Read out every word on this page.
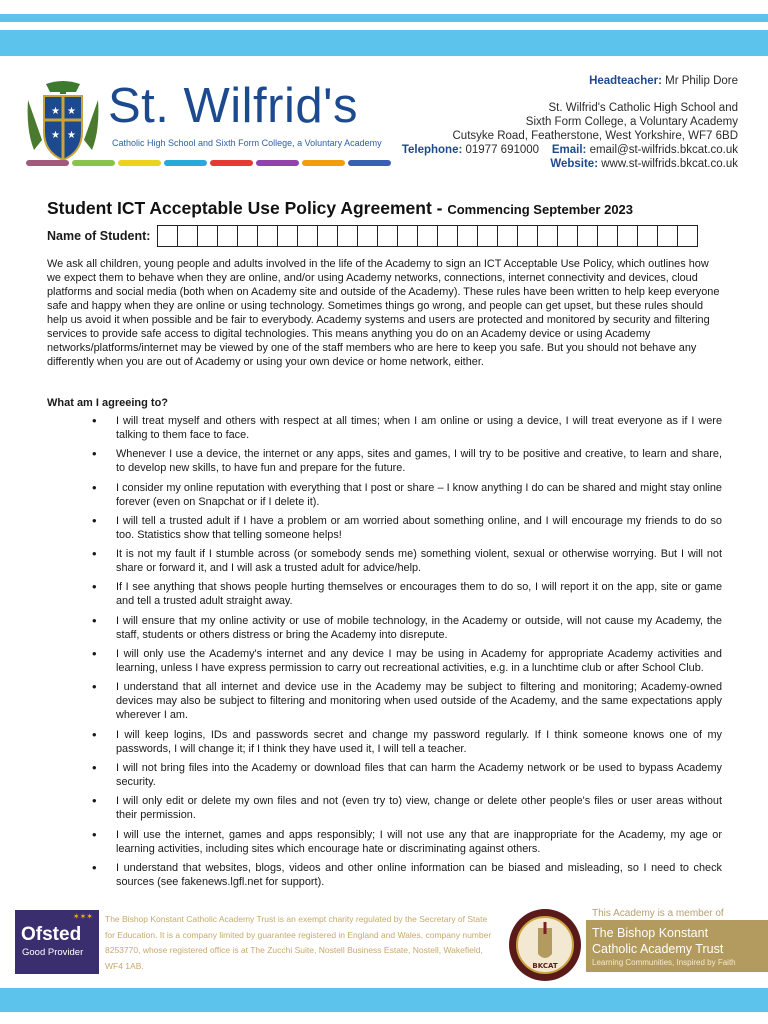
★ ★
★ ★
St. Wilfrid's
Catholic High School and Sixth Form College, a Voluntary Academy
Headteacher: Mr Philip Dore
St. Wilfrid's Catholic High School and
Sixth Form College, a Voluntary Academy
Cutsyke Road, Featherstone, West Yorkshire, WF7 6BD
Telephone: 01977 691000 Email: email@st-wilfrids.bkcat.co.uk
Website: www.st-wilfrids.bkcat.co.uk
Student ICT Acceptable Use Policy Agreement - Commencing September 2023
Name of Student:
We ask all children, young people and adults involved in the life of the Academy to sign an ICT Acceptable Use Policy, which outlines how we expect them to behave when they are online, and/or using Academy networks, connections, internet connectivity and devices, cloud platforms and social media (both when on Academy site and outside of the Academy). These rules have been written to help keep everyone safe and happy when they are online or using technology. Sometimes things go wrong, and people can get upset, but these rules should help us avoid it when possible and be fair to everybody. Academy systems and users are protected and monitored by security and filtering services to provide safe access to digital technologies. This means anything you do on an Academy device or using Academy networks/platforms/internet may be viewed by one of the staff members who are here to keep you safe. But you should not behave any differently when you are out of Academy or using your own device or home network, either.
What am I agreeing to?
• I will treat myself and others with respect at all times; when I am online or using a device, I will treat everyone as if I were talking to them face to face.
• Whenever I use a device, the internet or any apps, sites and games, I will try to be positive and creative, to learn and share, to develop new skills, to have fun and prepare for the future.
• I consider my online reputation with everything that I post or share – I know anything I do can be shared and might stay online forever (even on Snapchat or if I delete it).
• I will tell a trusted adult if I have a problem or am worried about something online, and I will encourage my friends to do so too. Statistics show that telling someone helps!
• It is not my fault if I stumble across (or somebody sends me) something violent, sexual or otherwise worrying. But I will not share or forward it, and I will ask a trusted adult for advice/help.
• If I see anything that shows people hurting themselves or encourages them to do so, I will report it on the app, site or game and tell a trusted adult straight away.
• I will ensure that my online activity or use of mobile technology, in the Academy or outside, will not cause my Academy, the staff, students or others distress or bring the Academy into disrepute.
• I will only use the Academy's internet and any device I may be using in Academy for appropriate Academy activities and learning, unless I have express permission to carry out recreational activities, e.g. in a lunchtime club or after School Club.
• I understand that all internet and device use in the Academy may be subject to filtering and monitoring; Academy-owned devices may also be subject to filtering and monitoring when used outside of the Academy, and the same expectations apply wherever I am.
• I will keep logins, IDs and passwords secret and change my password regularly. If I think someone knows one of my passwords, I will change it; if I think they have used it, I will tell a teacher.
• I will not bring files into the Academy or download files that can harm the Academy network or be used to bypass Academy security.
• I will only edit or delete my own files and not (even try to) view, change or delete other people's files or user areas without their permission.
• I will use the internet, games and apps responsibly; I will not use any that are inappropriate for the Academy, my age or learning activities, including sites which encourage hate or discriminating against others.
• I understand that websites, blogs, videos and other online information can be biased and misleading, so I need to check sources (see fakenews.lgfl.net for support).
✶✶✶
Ofsted
Good Provider
The Bishop Konstant Catholic Academy Trust is an exempt charity regulated by the Secretary of State for Education. It is a company limited by guarantee registered in England and Wales, company number 8253770, whose registered office is at The Zucchi Suite, Nostell Business Estate, Nostell, Wakefield, WF4 1AB.	BKCAT
This Academy is a member of
The Bishop Konstant Catholic Academy Trust
Learning Communities, Inspired by Faith
